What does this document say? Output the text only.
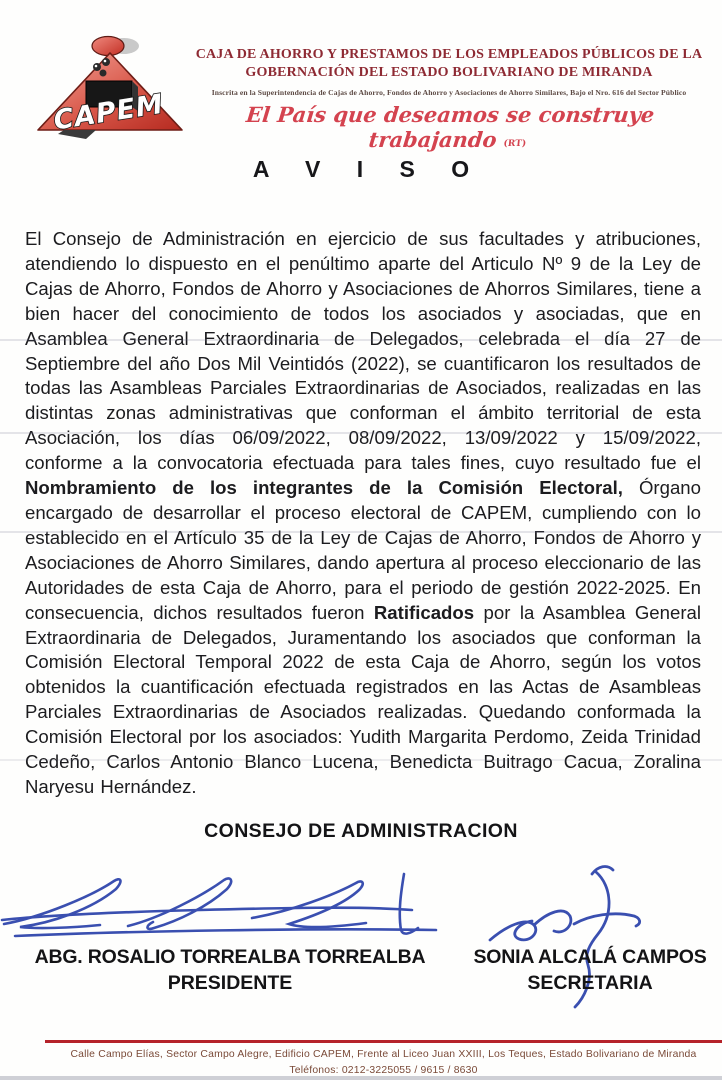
CAPEM
CAJA DE AHORRO Y PRESTAMOS DE LOS EMPLEADOS PÚBLICOS DE LA
GOBERNACIÓN DEL ESTADO BOLIVARIANO DE MIRANDA
Inscrita en la Superintendencia de Cajas de Ahorro, Fondos de Ahorro y Asociaciones de Ahorro Similares, Bajo el Nro. 616 del Sector Público
El País que deseamos se construye trabajando (RT)
A V I S O
El Consejo de Administración en ejercicio de sus facultades y atribuciones, atendiendo lo dispuesto en el penúltimo aparte del Articulo Nº 9 de la Ley de Cajas de Ahorro, Fondos de Ahorro y Asociaciones de Ahorros Similares, tiene a bien hacer del conocimiento de todos los asociados y asociadas, que en Asamblea General Extraordinaria de Delegados, celebrada el día 27 de Septiembre del año Dos Mil Veintidós (2022), se cuantificaron los resultados de todas las Asambleas Parciales Extraordinarias de Asociados, realizadas en las distintas zonas administrativas que conforman el ámbito territorial de esta Asociación, los días 06/09/2022, 08/09/2022, 13/09/2022 y 15/09/2022, conforme a la convocatoria efectuada para tales fines, cuyo resultado fue el Nombramiento de los integrantes de la Comisión Electoral, Órgano encargado de desarrollar el proceso electoral de CAPEM, cumpliendo con lo establecido en el Artículo 35 de la Ley de Cajas de Ahorro, Fondos de Ahorro y Asociaciones de Ahorro Similares, dando apertura al proceso eleccionario de las Autoridades de esta Caja de Ahorro, para el periodo de gestión 2022-2025. En consecuencia, dichos resultados fueron Ratificados por la Asamblea General Extraordinaria de Delegados, Juramentando los asociados que conforman la Comisión Electoral Temporal 2022 de esta Caja de Ahorro, según los votos obtenidos la cuantificación efectuada registrados en las Actas de Asambleas Parciales Extraordinarias de Asociados realizadas. Quedando conformada la Comisión Electoral por los asociados: Yudith Margarita Perdomo, Zeida Trinidad Cedeño, Carlos Antonio Blanco Lucena, Benedicta Buitrago Cacua, Zoralina Naryesu Hernández.
CONSEJO DE ADMINISTRACION
ABG. ROSALIO TORREALBA TORREALBA
PRESIDENTE
SONIA ALCALÁ CAMPOS
SECRETARIA
Calle Campo Elías, Sector Campo Alegre, Edificio CAPEM, Frente al Liceo Juan XXIII, Los Teques, Estado Bolivariano de Miranda
Teléfonos: 0212-3225055 / 9615 / 8630
